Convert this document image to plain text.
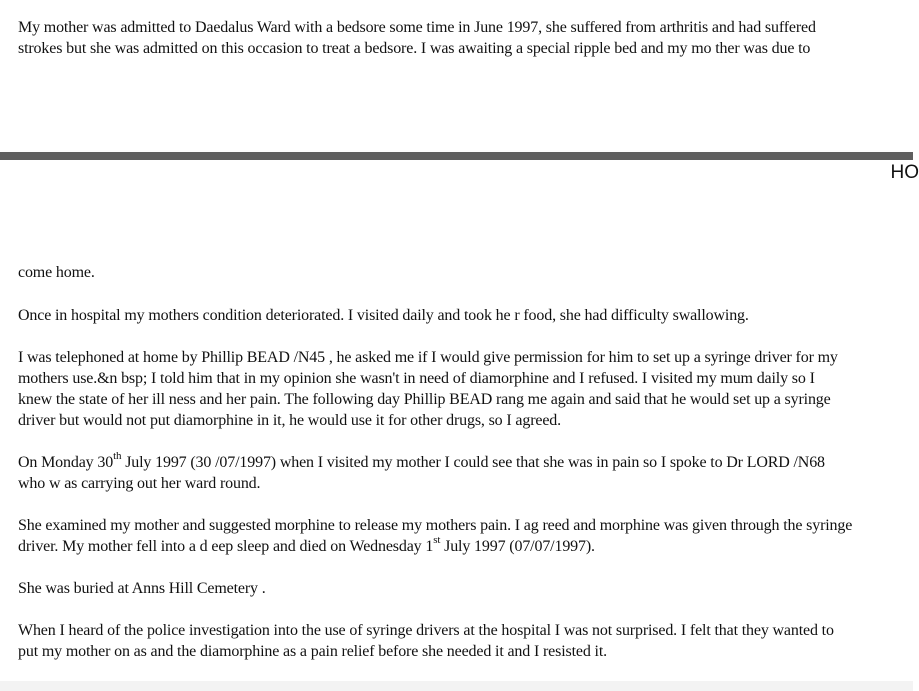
HO

My mother was admitted to Daedalus Ward with a bedsore some time in June 1997, she suffered from arthritis and had suffered
strokes but she was admitted on this occasion to treat a bedsore. I was awaiting a special ripple bed and my mo ther was due to

come home.

Once in hospital my mothers condition deteriorated. I visited daily and took he r food, she had difficulty swallowing.

I was telephoned at home by Phillip BEAD /N45 , he asked me if I would give permission for him to set up a syringe driver for my
mothers use.&n bsp; I told him that in my opinion she wasn't in need of diamorphine and I refused. I visited my mum daily so I
knew the state of her ill ness and her pain. The following day Phillip BEAD rang me again and said that he would set up a syringe
driver but would not put diamorphine in it, he would use it for other drugs, so I agreed.

On Monday 30th July 1997 (30 /07/1997) when I visited my mother I could see that she was in pain so I spoke to Dr LORD /N68
who w as carrying out her ward round.

She examined my mother and suggested morphine to release my mothers pain. I ag reed and morphine was given through the syringe
driver. My mother fell into a d eep sleep and died on Wednesday 1st July 1997 (07/07/1997).

She was buried at Anns Hill Cemetery .

When I heard of the police investigation into the use of syringe drivers at the hospital I was not surprised. I felt that they wanted to
put my mother on as and the diamorphine as a pain relief before she needed it and I resisted it.
